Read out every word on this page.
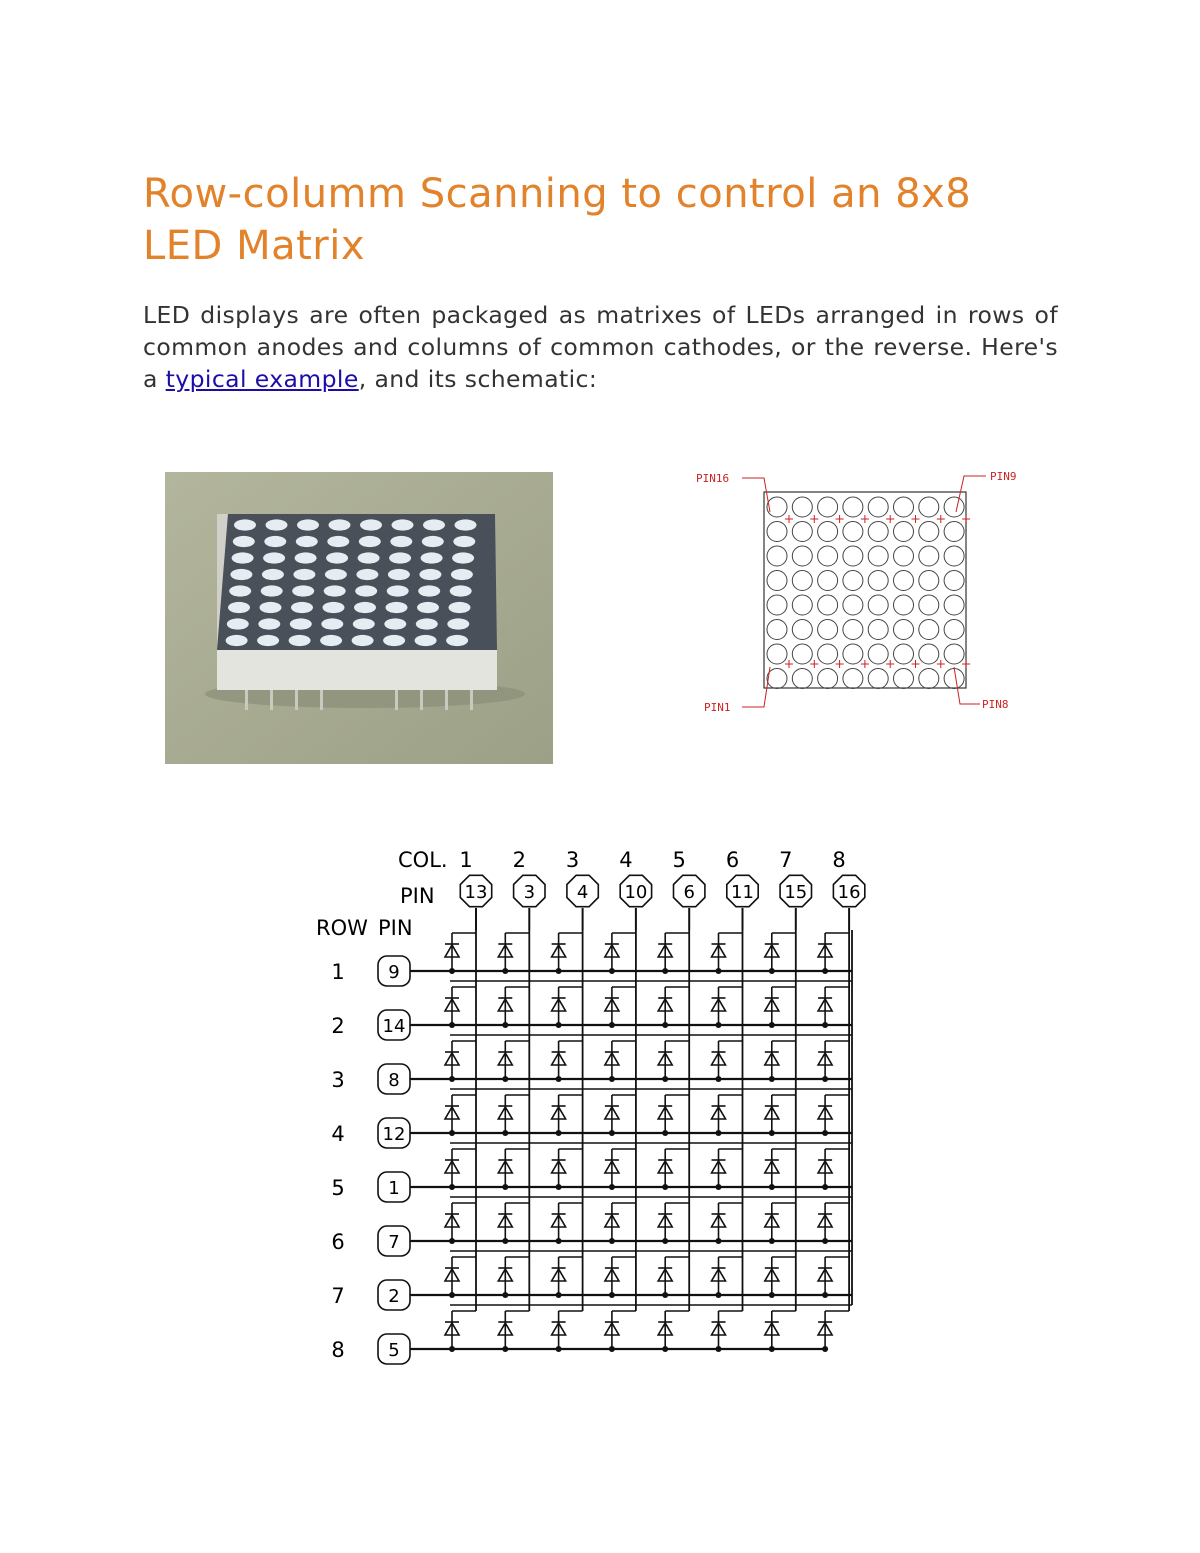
Row-columm Scanning to control an 8x8 LED Matrix

LED displays are often packaged as matrixes of LEDs arranged in rows of common anodes and columns of common cathodes, or the reverse. Here's a typical example, and its schematic:

PIN16	PIN9
PIN1	PIN8
COL.
PIN
ROW PIN
1
13
2
3
3
4
4
10
5
6
6
11
7
15
8
16
1 9
2 14
3 8
4 12
5 1
6 7
7 2
8 5
